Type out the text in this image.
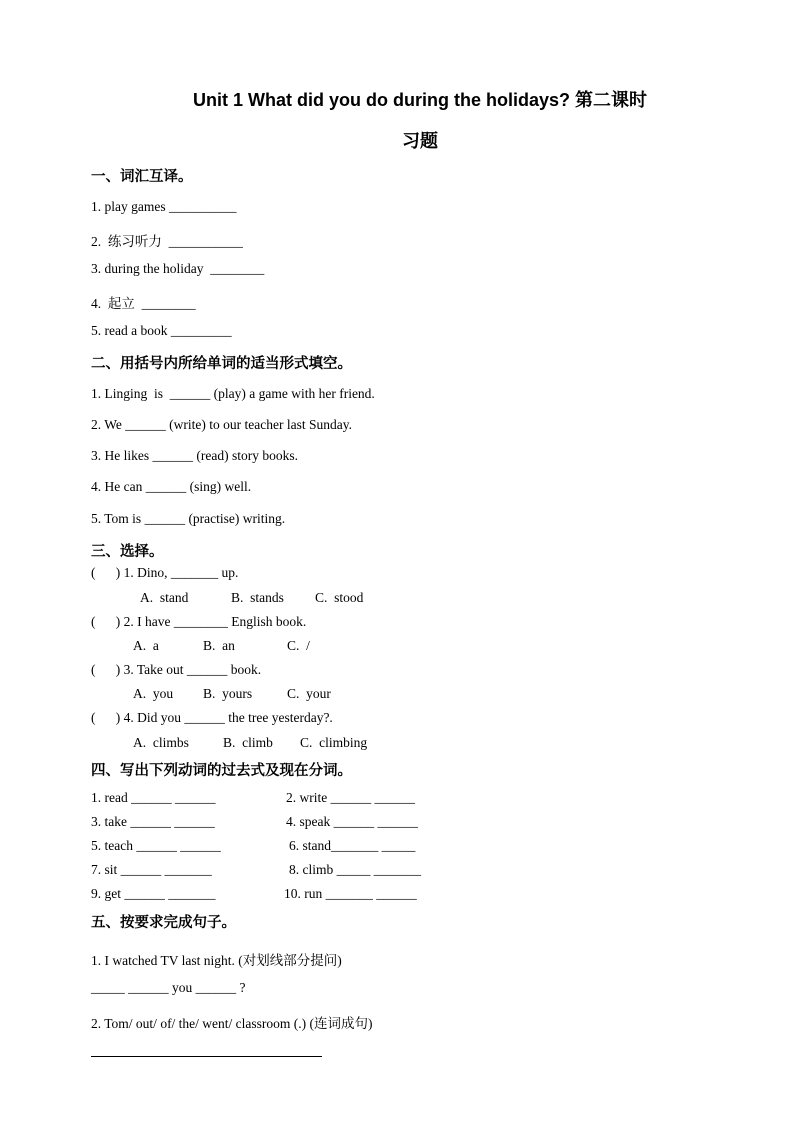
Unit 1 What did you do during the holidays? 第二课时
习题
一、词汇互译。
1. play games __________
2.  练习听力  ___________
3. during the holiday  ________
4.  起立  ________
5. read a book _________
二、用括号内所给单词的适当形式填空。
1. Linging  is  ______ (play) a game with her friend.
2. We ______ (write) to our teacher last Sunday.
3. He likes ______ (read) story books.
4. He can ______ (sing) well.
5. Tom is ______ (practise) writing.
三、选择。
(      ) 1. Dino, _______ up.
A.  stand	B.  stands C.  stood
(      ) 2. I have ________ English book.
A.  a	B.  an	C.  /
(      ) 3. Take out ______ book.
A.  you B.  yours	C.  your
(      ) 4. Did you ______ the tree yesterday?.
A.  climbs	B.  climb C.  climbing
四、写出下列动词的过去式及现在分词。
1. read ______ ______	2. write ______ ______
3. take ______ ______	4. speak ______ ______
5. teach ______ ______	6. stand_______ _____
7. sit ______ _______	8. climb _____ _______
9. get ______ _______	10. run _______ ______
五、按要求完成句子。
1. I watched TV last night. (对划线部分提问)
_____ ______ you ______ ?
2. Tom/ out/ of/ the/ went/ classroom (.) (连词成句)
